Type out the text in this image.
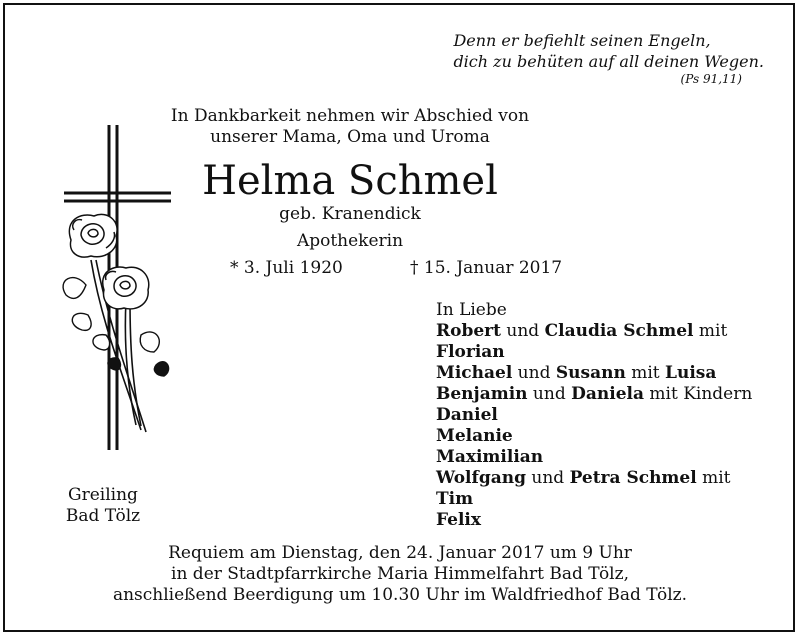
Denn er befiehlt seinen Engeln,
dich zu behüten auf all deinen Wegen.
(Ps 91,11)
In Dankbarkeit nehmen wir Abschied von
unserer Mama, Oma und Uroma
Helma Schmel
geb. Kranendick
Apothekerin
* 3. Juli 1920	† 15. Januar 2017
In Liebe
Robert und Claudia Schmel mit
Florian
Michael und Susann mit Luisa
Benjamin und Daniela mit Kindern
Daniel
Melanie
Maximilian
Wolfgang und Petra Schmel mit
Tim
Felix
Greiling
Bad Tölz
Requiem am Dienstag, den 24. Januar 2017 um 9 Uhr
in der Stadtpfarrkirche Maria Himmelfahrt Bad Tölz,
anschließend Beerdigung um 10.30 Uhr im Waldfriedhof Bad Tölz.
